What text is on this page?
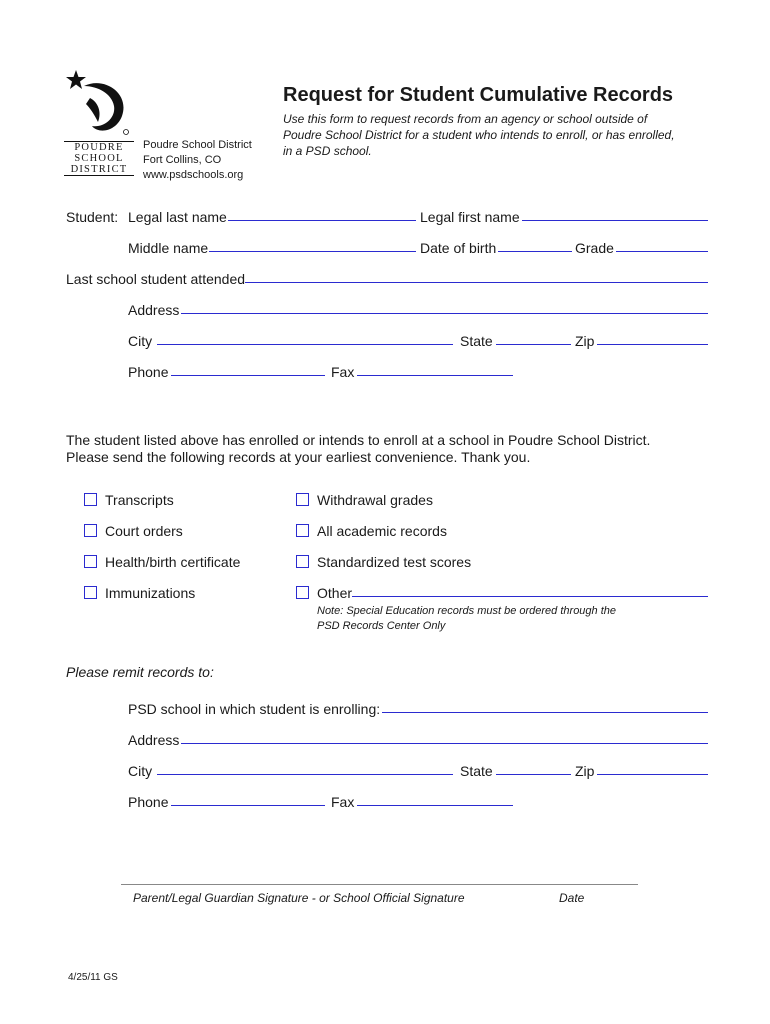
POUDRE
SCHOOL
DISTRICT
Poudre School District
Fort Collins, CO
www.psdschools.org
Request for Student Cumulative Records
Use this form to request records from an agency or school outside of
Poudre School District for a student who intends to enroll, or has enrolled,
in a PSD school.
Student: Legal last name	Legal first name
Middle name	Date of birth	Grade
Last school student attended
Address
City	State	Zip
Phone	Fax
The student listed above has enrolled or intends to enroll at a school in Poudre School District.
Please send the following records at your earliest convenience. Thank you.
Transcripts
Court orders
Health/birth certificate
Immunizations
Withdrawal grades
All academic records
Standardized test scores
Other
Note: Special Education records must be ordered through the
PSD Records Center Only
Please remit records to:
PSD school in which student is enrolling:
Address
City	State	Zip
Phone	Fax
Parent/Legal Guardian Signature - or School Official Signature	Date
4/25/11 GS
